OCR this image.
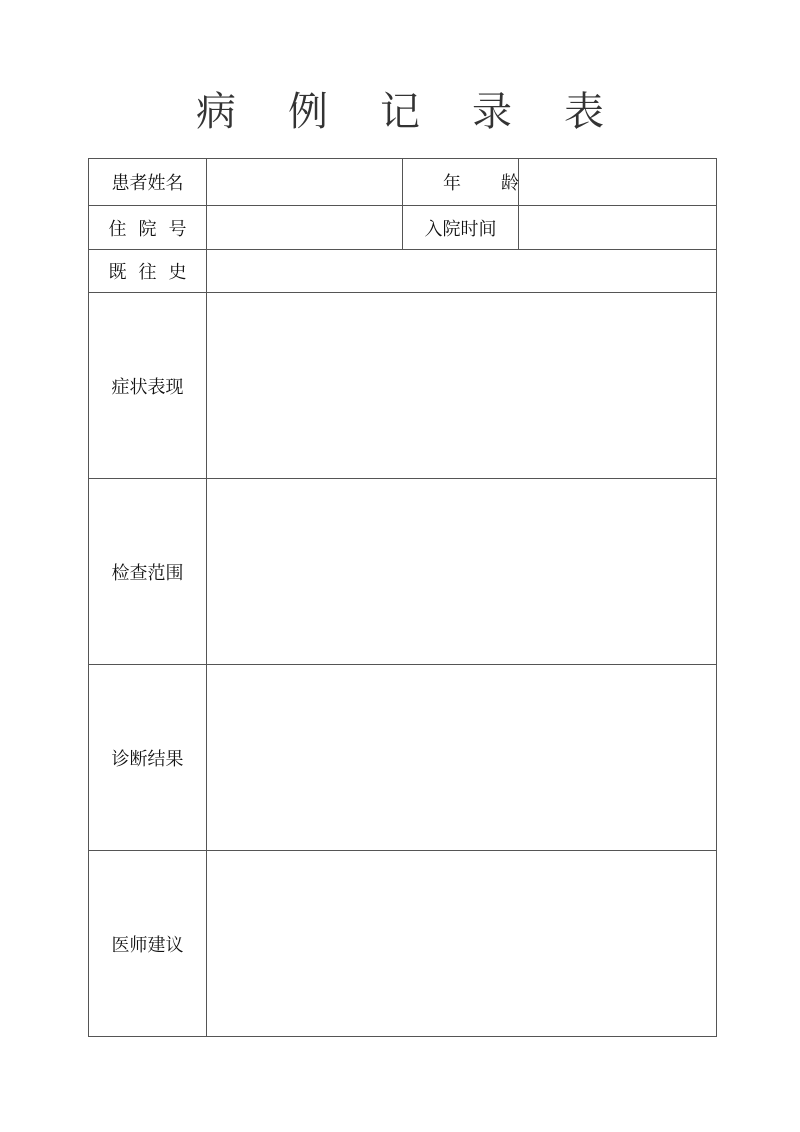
病 例 记 录 表
患者姓名		年龄	
住院号		入院时间	
既往史			
症状表现			
检查范围			
诊断结果			
医师建议			
